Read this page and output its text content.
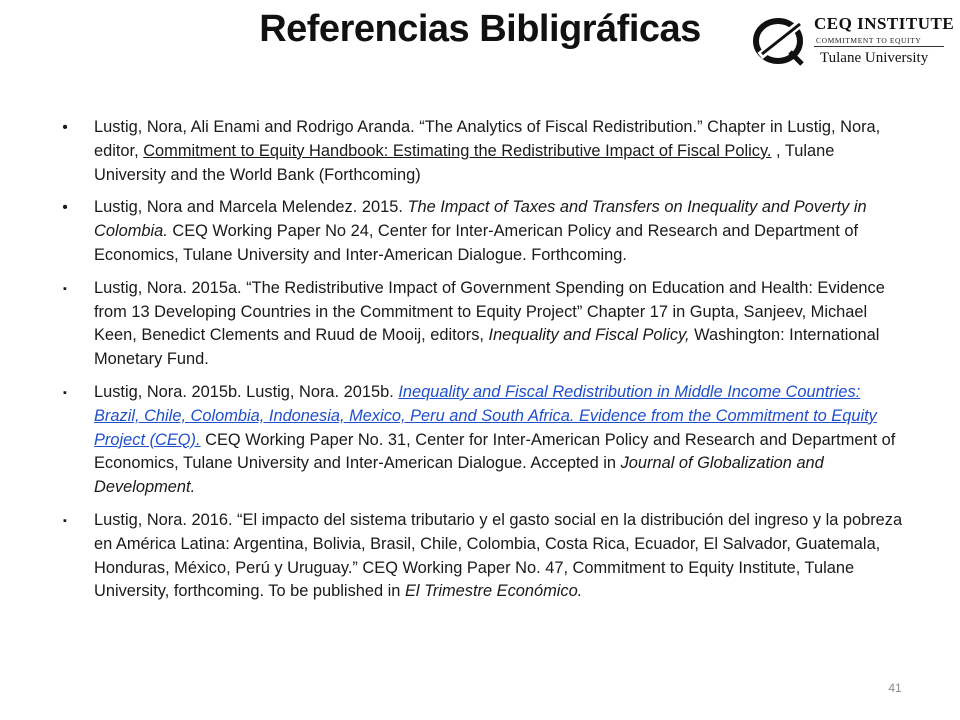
Referencias Bibligráficas	CEQ INSTITUTE
COMMITMENT TO EQUITY
Tulane University
• Lustig, Nora, Ali Enami and Rodrigo Aranda. “The Analytics of Fiscal Redistribution.” Chapter in Lustig, Nora, editor, Commitment to Equity Handbook: Estimating the Redistributive Impact of Fiscal Policy. , Tulane University and the World Bank (Forthcoming)
• Lustig, Nora and Marcela Melendez. 2015. The Impact of Taxes and Transfers on Inequality and Poverty in Colombia. CEQ Working Paper No 24, Center for Inter-American Policy and Research and Department of Economics, Tulane University and Inter-American Dialogue. Forthcoming.
▪	Lustig, Nora. 2015a. “The Redistributive Impact of Government Spending on Education and Health: Evidence from 13 Developing Countries in the Commitment to Equity Project” Chapter 17 in Gupta, Sanjeev, Michael Keen, Benedict Clements and Ruud de Mooij, editors, Inequality and Fiscal Policy, Washington: International Monetary Fund.
▪	Lustig, Nora. 2015b. Lustig, Nora. 2015b. Inequality and Fiscal Redistribution in Middle Income Countries: Brazil, Chile, Colombia, Indonesia, Mexico, Peru and South Africa. Evidence from the Commitment to Equity Project (CEQ). CEQ Working Paper No. 31, Center for Inter-American Policy and Research and Department of Economics, Tulane University and Inter-American Dialogue. Accepted in Journal of Globalization and Development.
▪	Lustig, Nora. 2016. “El impacto del sistema tributario y el gasto social en la distribución del ingreso y la pobreza en América Latina: Argentina, Bolivia, Brasil, Chile, Colombia, Costa Rica, Ecuador, El Salvador, Guatemala, Honduras, México, Perú y Uruguay.” CEQ Working Paper No. 47, Commitment to Equity Institute, Tulane University, forthcoming. To be published in El Trimestre Económico.
41
